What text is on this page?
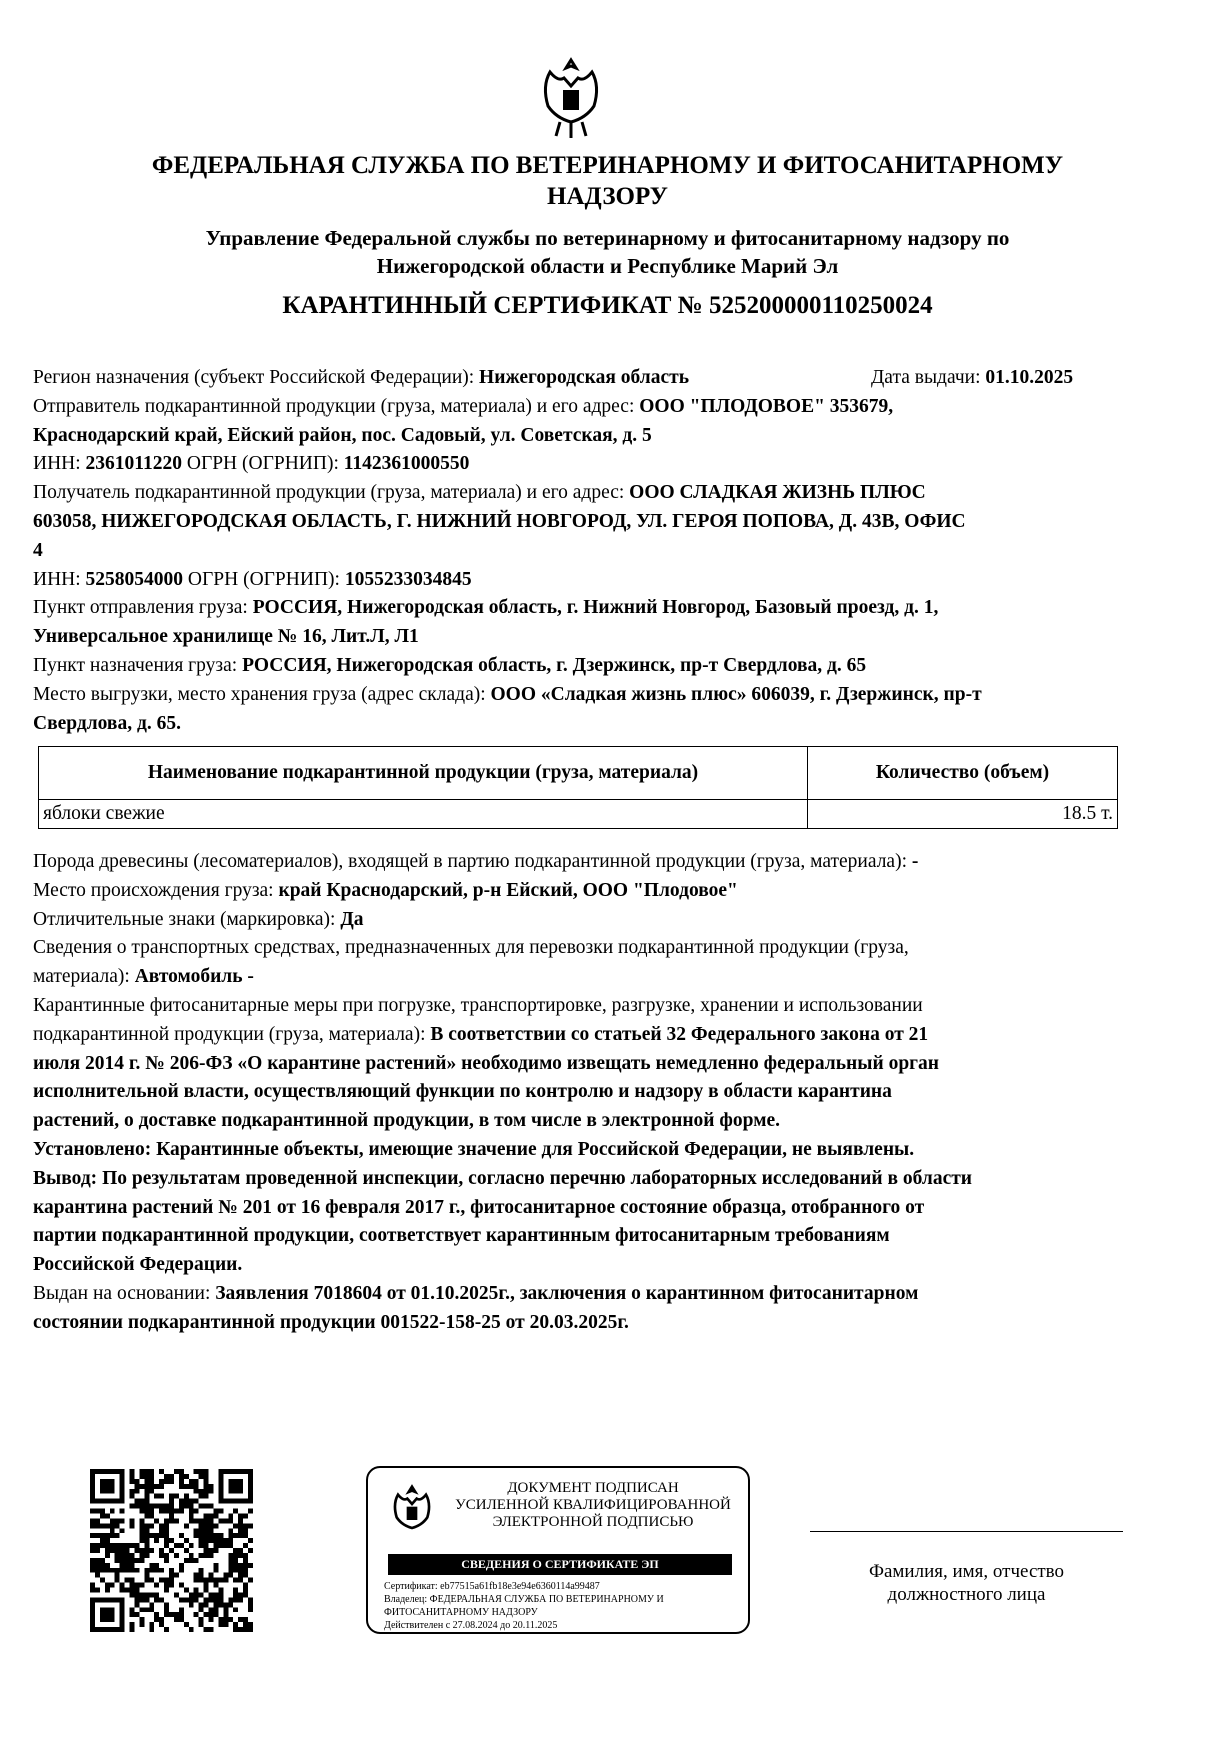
ФЕДЕРАЛЬНАЯ СЛУЖБА ПО ВЕТЕРИНАРНОМУ И ФИТОСАНИТАРНОМУ
НАДЗОРУ
Управление Федеральной службы по ветеринарному и фитосанитарному надзору по
Нижегородской области и Республике Марий Эл
КАРАНТИННЫЙ СЕРТИФИКАТ № 525200000110250024

Регион назначения (субъект Российской Федерации): Нижегородская область	Дата выдачи: 01.10.2025

Отправитель подкарантинной продукции (груза, материала) и его адрес: ООО "ПЛОДОВОЕ" 353679,

Краснодарский край, Ейский район, пос. Садовый, ул. Советская, д. 5

ИНН: 2361011220 ОГРН (ОГРНИП): 1142361000550

Получатель подкарантинной продукции (груза, материала) и его адрес: ООО СЛАДКАЯ ЖИЗНЬ ПЛЮС

603058, НИЖЕГОРОДСКАЯ ОБЛАСТЬ, Г. НИЖНИЙ НОВГОРОД, УЛ. ГЕРОЯ ПОПОВА, Д. 43В, ОФИС

4

ИНН: 5258054000 ОГРН (ОГРНИП): 1055233034845

Пункт отправления груза: РОССИЯ, Нижегородская область, г. Нижний Новгород, Базовый проезд, д. 1,

Универсальное хранилище № 16, Лит.Л, Л1

Пункт назначения груза: РОССИЯ, Нижегородская область, г. Дзержинск, пр-т Свердлова, д. 65

Место выгрузки, место хранения груза (адрес склада): ООО «Сладкая жизнь плюс» 606039, г. Дзержинск, пр-т

Свердлова, д. 65.

Наименование подкарантинной продукции (груза, материала)	Количество (объем)
яблоки свежие	18.5 т.

Порода древесины (лесоматериалов), входящей в партию подкарантинной продукции (груза, материала): -

Место происхождения груза: край Краснодарский, р-н Ейский, ООО "Плодовое"

Отличительные знаки (маркировка): Да

Сведения о транспортных средствах, предназначенных для перевозки подкарантинной продукции (груза,

материала): Автомобиль -

Карантинные фитосанитарные меры при погрузке, транспортировке, разгрузке, хранении и использовании

подкарантинной продукции (груза, материала): В соответствии со статьей 32 Федерального закона от 21

июля 2014 г. № 206-ФЗ «О карантине растений» необходимо извещать немедленно федеральный орган

исполнительной власти, осуществляющий функции по контролю и надзору в области карантина

растений, о доставке подкарантинной продукции, в том числе в электронной форме.

Установлено: Карантинные объекты, имеющие значение для Российской Федерации, не выявлены.

Вывод: По результатам проведенной инспекции, согласно перечню лабораторных исследований в области

карантина растений № 201 от 16 февраля 2017 г., фитосанитарное состояние образца, отобранного от

партии подкарантинной продукции, соответствует карантинным фитосанитарным требованиям

Российской Федерации.

Выдан на основании: Заявления 7018604 от 01.10.2025г., заключения о карантинном фитосанитарном

состоянии подкарантинной продукции 001522-158-25 от 20.03.2025г.

ДОКУМЕНТ ПОДПИСАН
УСИЛЕННОЙ КВАЛИФИЦИРОВАННОЙ
ЭЛЕКТРОННОЙ ПОДПИСЬЮ
СВЕДЕНИЯ О СЕРТИФИКАТЕ ЭП
Сертификат: eb77515a61fb18e3e94e6360114a99487
Владелец: ФЕДЕРАЛЬНАЯ СЛУЖБА ПО ВЕТЕРИНАРНОМУ И
ФИТОСАНИТАРНОМУ НАДЗОРУ
Действителен с 27.08.2024 до 20.11.2025
Фамилия, имя, отчество
должностного лица
